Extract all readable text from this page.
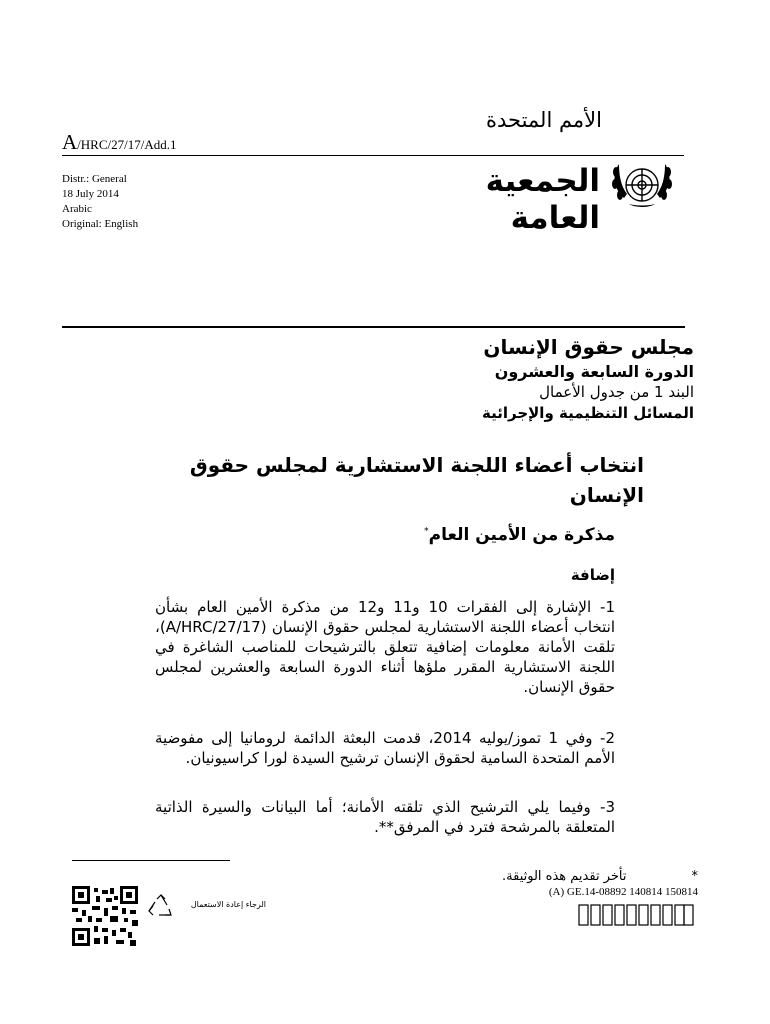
A/HRC/27/17/Add.1
الأمم المتحدة
Distr.: General
18 July 2014
Arabic
Original: English
الجمعية العامة
مجلس حقوق الإنسان
الدورة السابعة والعشرون
البند 1 من جدول الأعمال
المسائل التنظيمية والإجرائية
انتخاب أعضاء اللجنة الاستشارية لمجلس حقوق الإنسان
مذكرة من الأمين العام*
إضافة
1- الإشارة إلى الفقرات 10 و11 و12 من مذكرة الأمين العام بشأن انتخاب أعضاء اللجنة الاستشارية لمجلس حقوق الإنسان (A/HRC/27/17)، تلقت الأمانة معلومات إضافية تتعلق بالترشيحات للمناصب الشاغرة في اللجنة الاستشارية المقرر ملؤها أثناء الدورة السابعة والعشرين لمجلس حقوق الإنسان.
2- وفي 1 تموز/يوليه 2014، قدمت البعثة الدائمة لرومانيا إلى مفوضية الأمم المتحدة السامية لحقوق الإنسان ترشيح السيدة لورا كراسيونيان.
3- وفيما يلي الترشيح الذي تلقته الأمانة؛ أما البيانات والسيرة الذاتية المتعلقة بالمرشحة فترد في المرفق**.
*تأخر تقديم هذه الوثيقة.
(A) GE.14-08892 140814 150814
الرجاء إعادة الاستعمال
